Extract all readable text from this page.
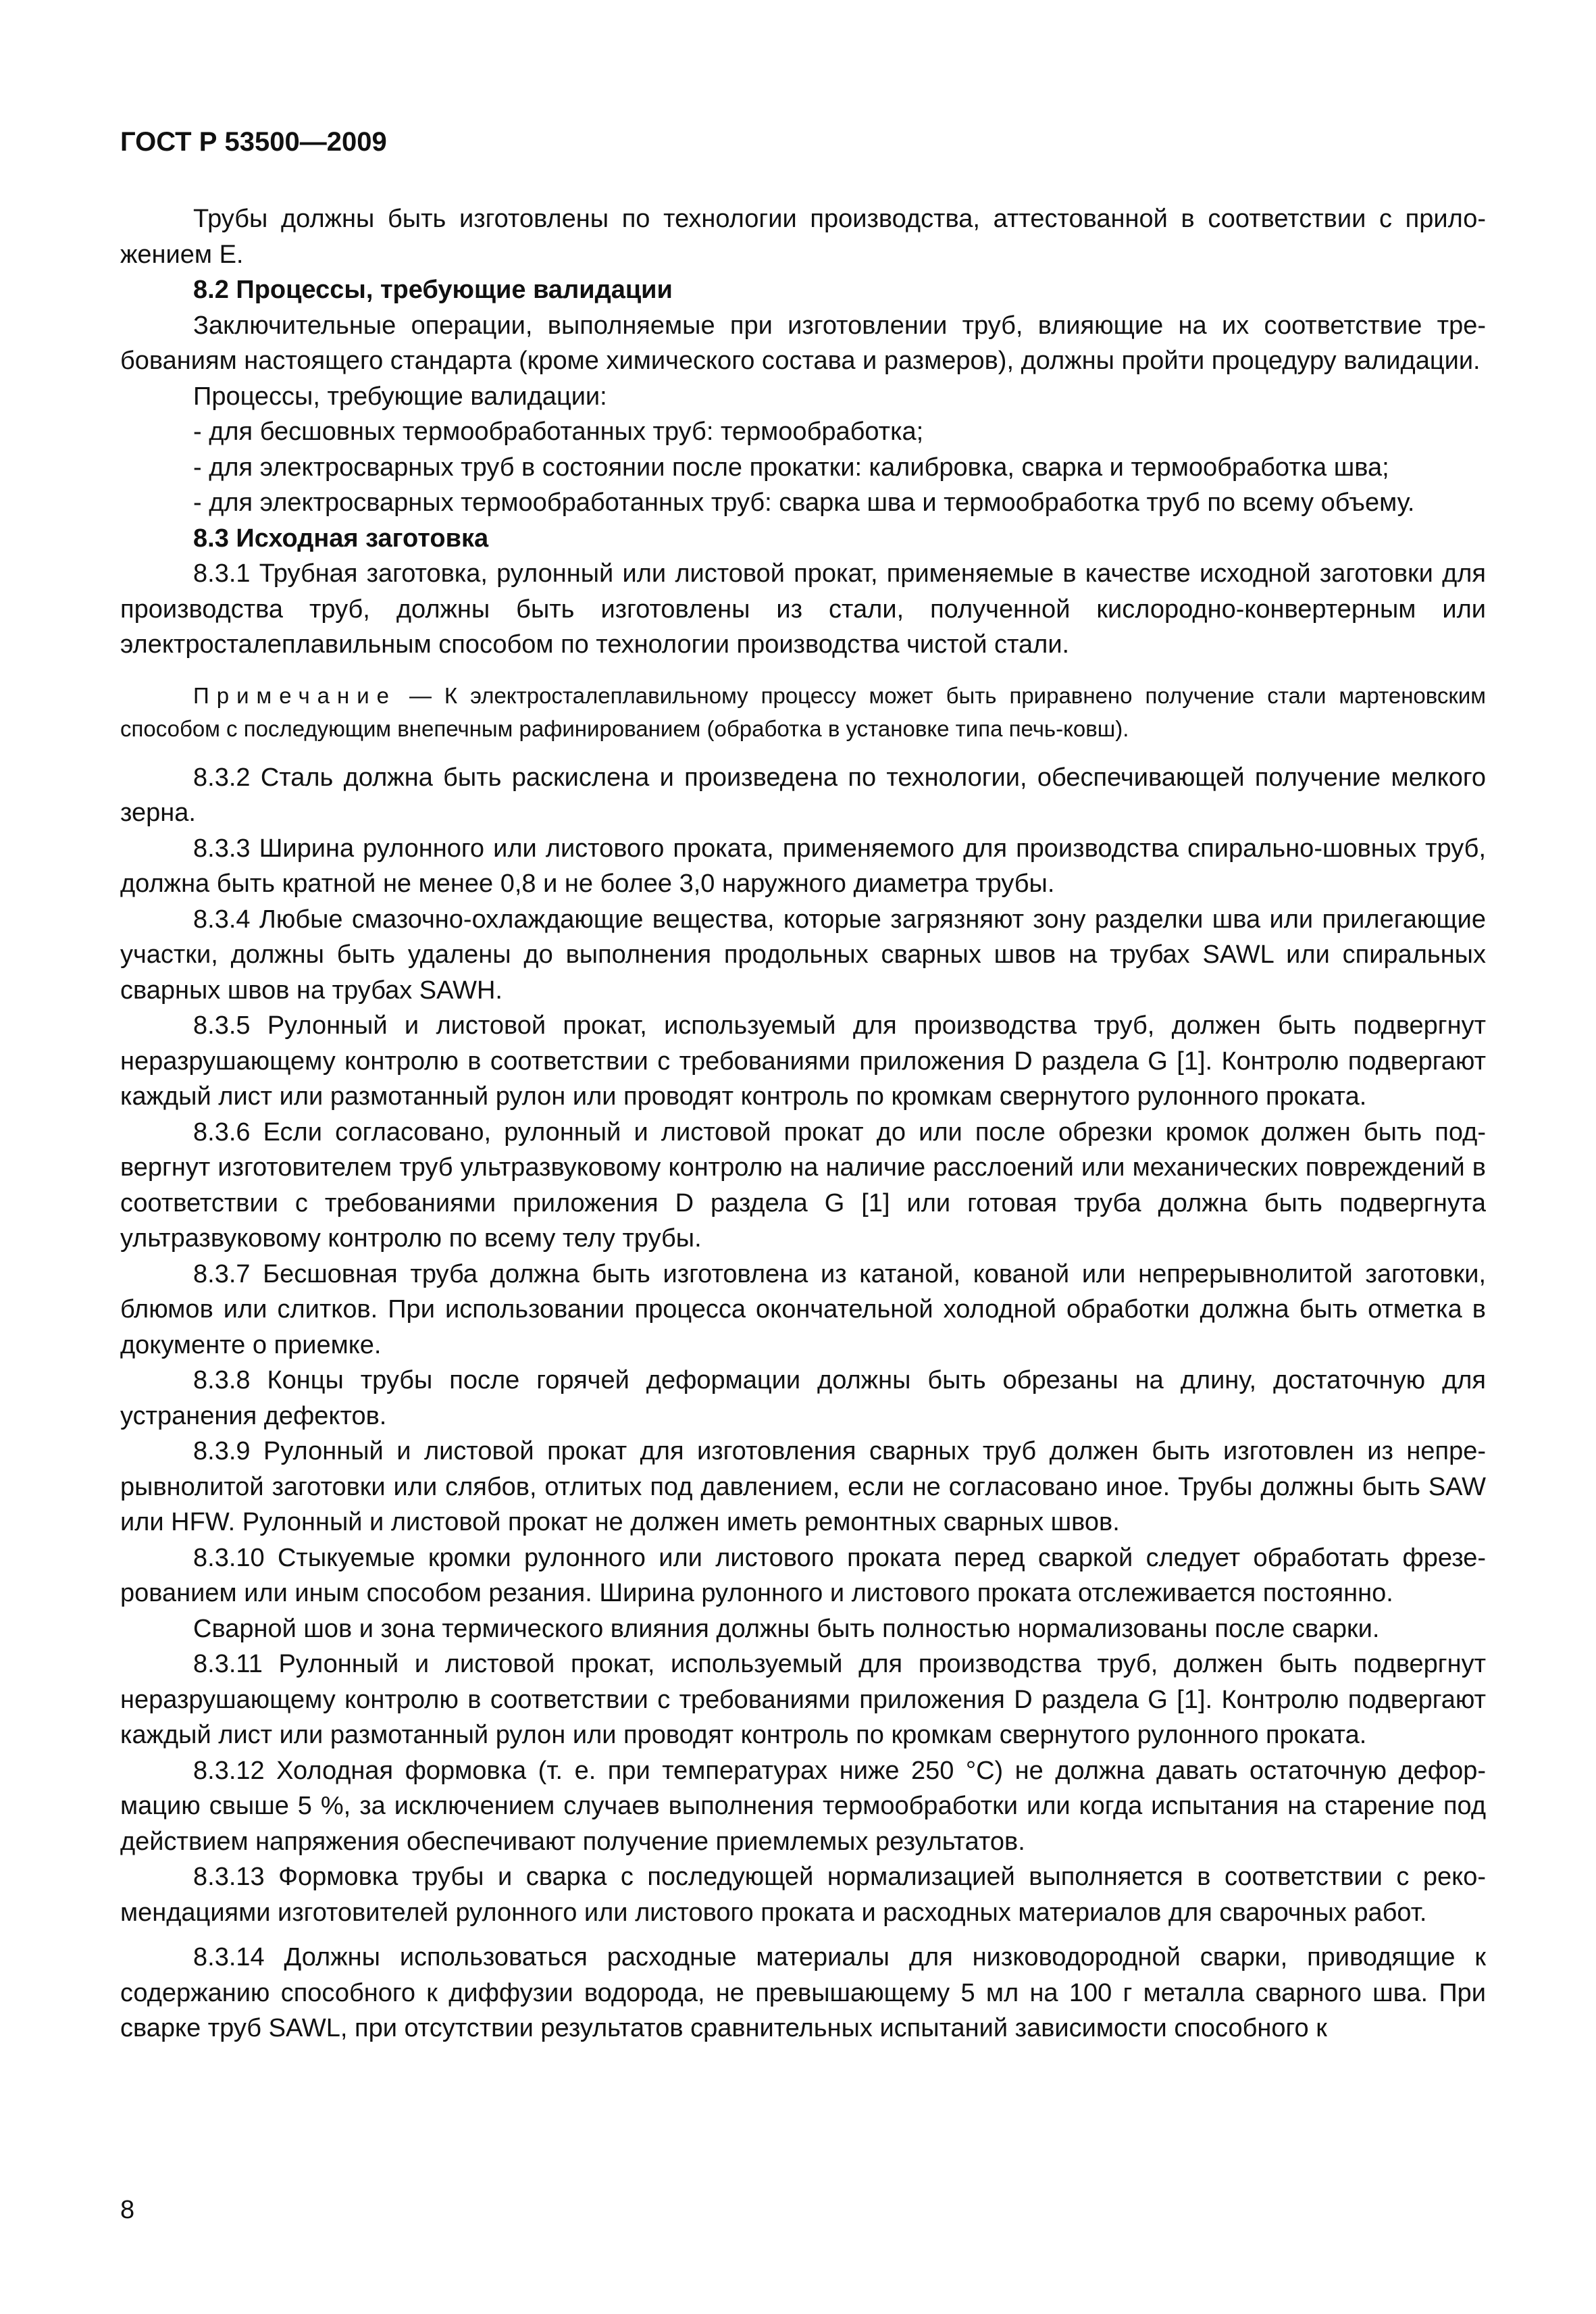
ГОСТ Р 53500—2009

Трубы должны быть изготовлены по технологии производства, аттестованной в соответствии с приложением Е.

8.2 Процессы, требующие валидации

Заключительные операции, выполняемые при изготовлении труб, влияющие на их соответствие требованиям настоящего стандарта (кроме химического состава и размеров), должны пройти процедуру валидации.

Процессы, требующие валидации:

- для бесшовных термообработанных труб: термообработка;

- для электросварных труб в состоянии после прокатки: калибровка, сварка и термообработка шва;

- для электросварных термообработанных труб: сварка шва и термообработка труб по всему объему.

8.3 Исходная заготовка

8.3.1 Трубная заготовка, рулонный или листовой прокат, применяемые в качестве исходной заготовки для производства труб, должны быть изготовлены из стали, полученной кислородно-конвертерным или электросталеплавильным способом по технологии производства чистой стали.

Примечание — К электросталеплавильному процессу может быть приравнено получение стали мартеновским способом с последующим внепечным рафинированием (обработка в установке типа печь-ковш).

8.3.2 Сталь должна быть раскислена и произведена по технологии, обеспечивающей получение мелкого зерна.

8.3.3 Ширина рулонного или листового проката, применяемого для производства спирально-шовных труб, должна быть кратной не менее 0,8 и не более 3,0 наружного диаметра трубы.

8.3.4 Любые смазочно-охлаждающие вещества, которые загрязняют зону разделки шва или прилегающие участки, должны быть удалены до выполнения продольных сварных швов на трубах SAWL или спиральных сварных швов на трубах SAWH.

8.3.5 Рулонный и листовой прокат, используемый для производства труб, должен быть подвергнут неразрушающему контролю в соответствии с требованиями приложения D раздела G [1]. Контролю подвергают каждый лист или размотанный рулон или проводят контроль по кромкам свернутого рулонного проката.

8.3.6 Если согласовано, рулонный и листовой прокат до или после обрезки кромок должен быть подвергнут изготовителем труб ультразвуковому контролю на наличие расслоений или механических повреждений в соответствии с требованиями приложения D раздела G [1] или готовая труба должна быть подвергнута ультразвуковому контролю по всему телу трубы.

8.3.7 Бесшовная труба должна быть изготовлена из катаной, кованой или непрерывнолитой заготовки, блюмов или слитков. При использовании процесса окончательной холодной обработки должна быть отметка в документе о приемке.

8.3.8 Концы трубы после горячей деформации должны быть обрезаны на длину, достаточную для устранения дефектов.

8.3.9 Рулонный и листовой прокат для изготовления сварных труб должен быть изготовлен из непрерывнолитой заготовки или слябов, отлитых под давлением, если не согласовано иное. Трубы должны быть SAW или HFW. Рулонный и листовой прокат не должен иметь ремонтных сварных швов.

8.3.10 Стыкуемые кромки рулонного или листового проката перед сваркой следует обработать фрезерованием или иным способом резания. Ширина рулонного и листового проката отслеживается постоянно.

Сварной шов и зона термического влияния должны быть полностью нормализованы после сварки.

8.3.11 Рулонный и листовой прокат, используемый для производства труб, должен быть подвергнут неразрушающему контролю в соответствии с требованиями приложения D раздела G [1]. Контролю подвергают каждый лист или размотанный рулон или проводят контроль по кромкам свернутого рулонного проката.

8.3.12 Холодная формовка (т. е. при температурах ниже 250 °С) не должна давать остаточную деформацию свыше 5 %, за исключением случаев выполнения термообработки или когда испытания на старение под действием напряжения обеспечивают получение приемлемых результатов.

8.3.13 Формовка трубы и сварка с последующей нормализацией выполняется в соответствии с рекомендациями изготовителей рулонного или листового проката и расходных материалов для сварочных работ.

8.3.14 Должны использоваться расходные материалы для низководородной сварки, приводящие к содержанию способного к диффузии водорода, не превышающему 5 мл на 100 г металла сварного шва. При сварке труб SAWL, при отсутствии результатов сравнительных испытаний зависимости способного к

8
